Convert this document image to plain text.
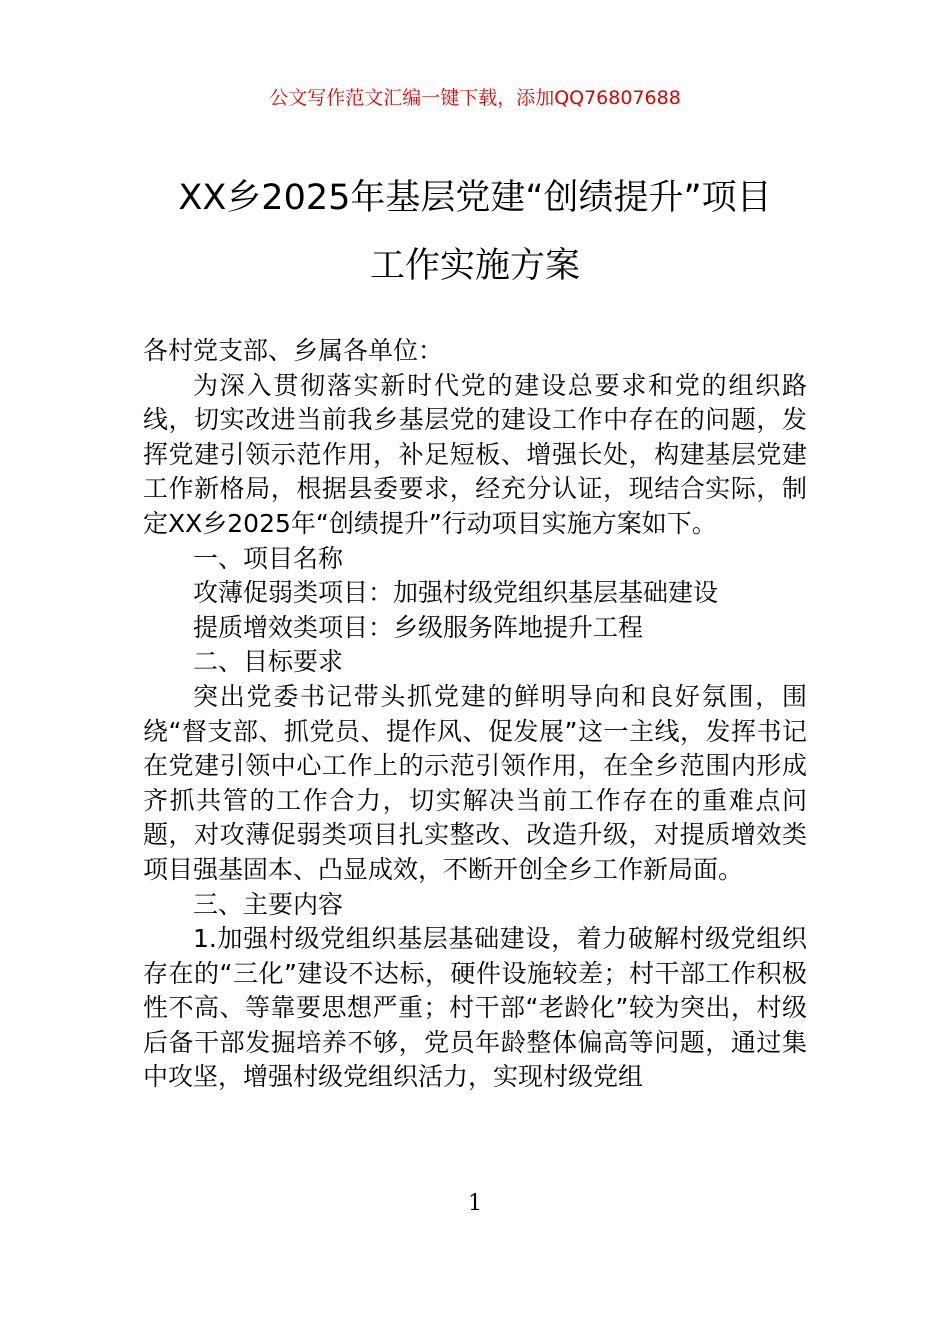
公文写作范文汇编一键下载，添加QQ76807688
XX乡2025年基层党建“创绩提升”项目
工作实施方案

各村党支部、乡属各单位：

为深入贯彻落实新时代党的建设总要求和党的组织路线，切实改进当前我乡基层党的建设工作中存在的问题，发挥党建引领示范作用，补足短板、增强长处，构建基层党建工作新格局，根据县委要求，经充分认证，现结合实际，制定XX乡2025年“创绩提升”行动项目实施方案如下。

一、项目名称

攻薄促弱类项目：加强村级党组织基层基础建设

提质增效类项目：乡级服务阵地提升工程

二、目标要求

突出党委书记带头抓党建的鲜明导向和良好氛围，围绕“督支部、抓党员、提作风、促发展”这一主线，发挥书记在党建引领中心工作上的示范引领作用，在全乡范围内形成齐抓共管的工作合力，切实解决当前工作存在的重难点问题，对攻薄促弱类项目扎实整改、改造升级，对提质增效类项目强基固本、凸显成效，不断开创全乡工作新局面。

三、主要内容

1.加强村级党组织基层基础建设，着力破解村级党组织存在的“三化”建设不达标，硬件设施较差；村干部工作积极性不高、等靠要思想严重；村干部“老龄化”较为突出，村级后备干部发掘培养不够，党员年龄整体偏高等问题，通过集中攻坚，增强村级党组织活力，实现村级党组

1
